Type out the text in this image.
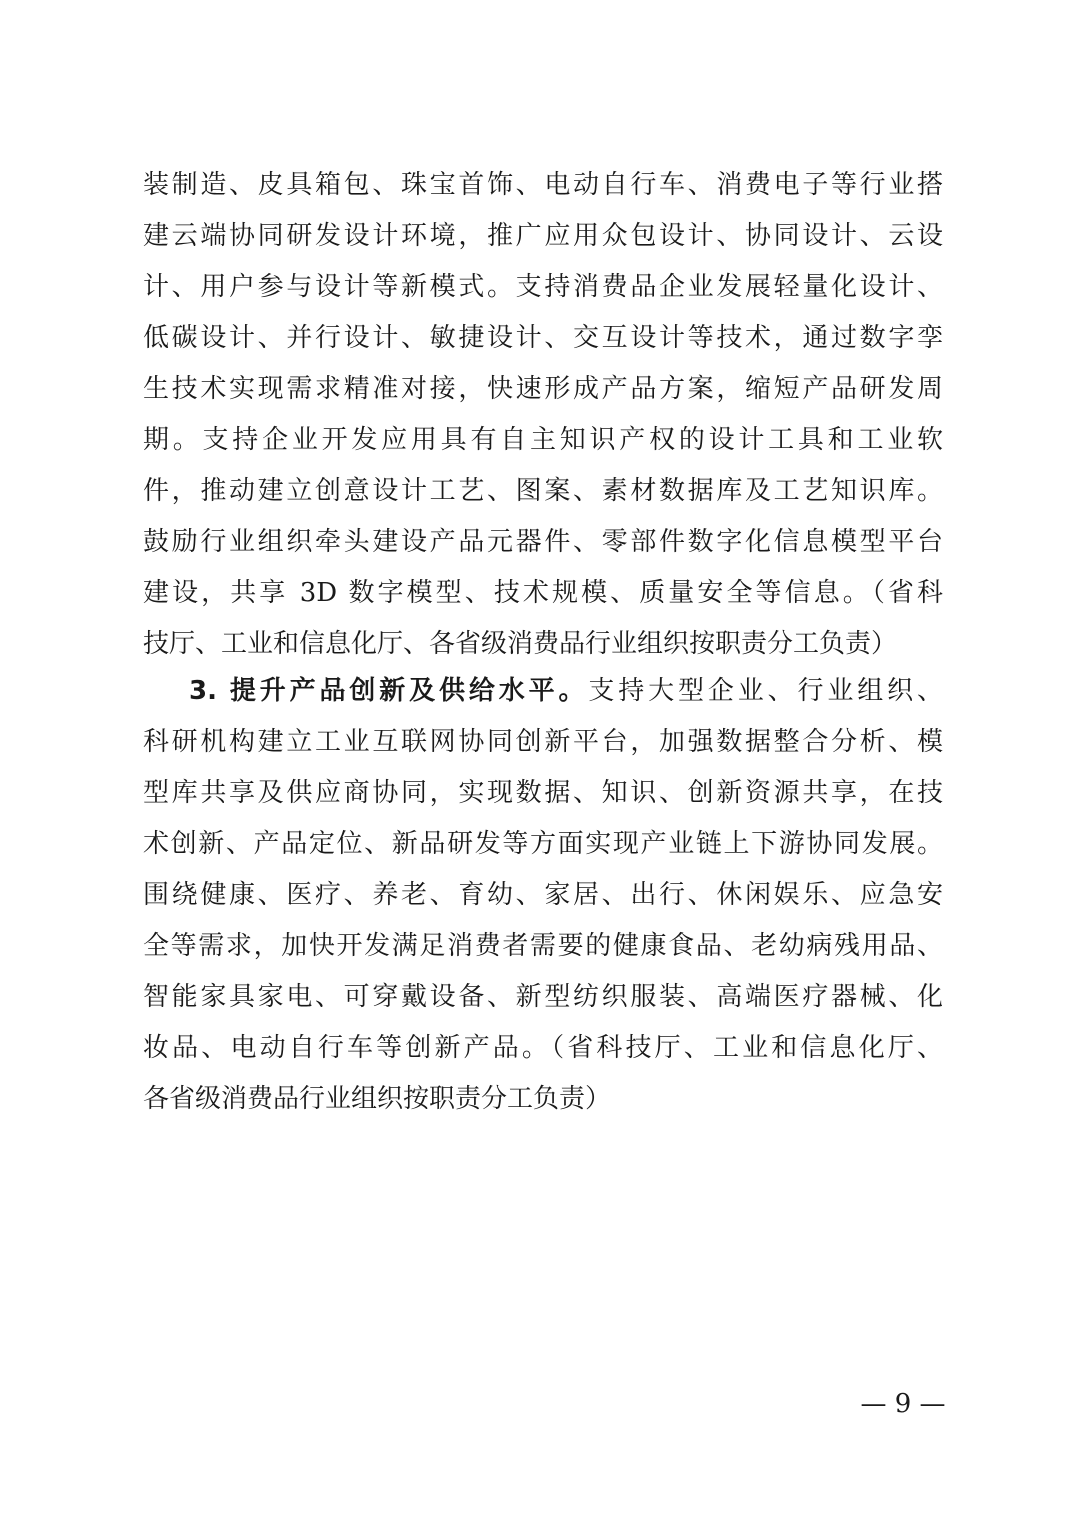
装制造、皮具箱包、珠宝首饰、电动自行车、消费电子等行业搭
建云端协同研发设计环境，推广应用众包设计、协同设计、云设
计、用户参与设计等新模式。支持消费品企业发展轻量化设计、
低碳设计、并行设计、敏捷设计、交互设计等技术，通过数字孪
生技术实现需求精准对接，快速形成产品方案，缩短产品研发周
期。支持企业开发应用具有自主知识产权的设计工具和工业软
件，推动建立创意设计工艺、图案、素材数据库及工艺知识库。
鼓励行业组织牵头建设产品元器件、零部件数字化信息模型平台
建设，共享 3D 数字模型、技术规模、质量安全等信息。（省科
技厅、工业和信息化厅、各省级消费品行业组织按职责分工负责）
3. 提升产品创新及供给水平。支持大型企业、行业组织、
科研机构建立工业互联网协同创新平台，加强数据整合分析、模
型库共享及供应商协同，实现数据、知识、创新资源共享，在技
术创新、产品定位、新品研发等方面实现产业链上下游协同发展。
围绕健康、医疗、养老、育幼、家居、出行、休闲娱乐、应急安
全等需求，加快开发满足消费者需要的健康食品、老幼病残用品、
智能家具家电、可穿戴设备、新型纺织服装、高端医疗器械、化
妆品、电动自行车等创新产品。（省科技厅、工业和信息化厅、
各省级消费品行业组织按职责分工负责）
— 9 —
